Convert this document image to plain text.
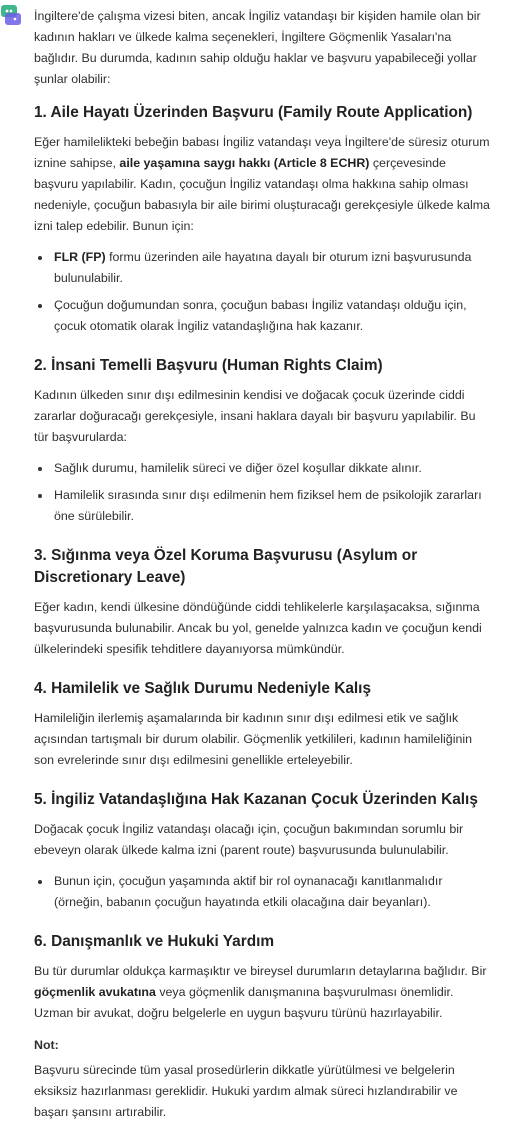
İngiltere'de çalışma vizesi biten, ancak İngiliz vatandaşı bir kişiden hamile olan bir kadının hakları ve ülkede kalma seçenekleri, İngiltere Göçmenlik Yasaları'na bağlıdır. Bu durumda, kadının sahip olduğu haklar ve başvuru yapabileceği yollar şunlar olabilir:

1. Aile Hayatı Üzerinden Başvuru (Family Route Application)

Eğer hamilelikteki bebeğin babası İngiliz vatandaşı veya İngiltere'de süresiz oturum iznine sahipse, aile yaşamına saygı hakkı (Article 8 ECHR) çerçevesinde başvuru yapılabilir. Kadın, çocuğun İngiliz vatandaşı olma hakkına sahip olması nedeniyle, çocuğun babasıyla bir aile birimi oluşturacağı gerekçesiyle ülkede kalma izni talep edebilir. Bunun için:

• FLR (FP) formu üzerinden aile hayatına dayalı bir oturum izni başvurusunda bulunulabilir.
• Çocuğun doğumundan sonra, çocuğun babası İngiliz vatandaşı olduğu için, çocuk otomatik olarak İngiliz vatandaşlığına hak kazanır.
2. İnsani Temelli Başvuru (Human Rights Claim)

Kadının ülkeden sınır dışı edilmesinin kendisi ve doğacak çocuk üzerinde ciddi zararlar doğuracağı gerekçesiyle, insani haklara dayalı bir başvuru yapılabilir. Bu tür başvurularda:

• Sağlık durumu, hamilelik süreci ve diğer özel koşullar dikkate alınır.
• Hamilelik sırasında sınır dışı edilmenin hem fiziksel hem de psikolojik zararları öne sürülebilir.
3. Sığınma veya Özel Koruma Başvurusu (Asylum or Discretionary Leave)

Eğer kadın, kendi ülkesine döndüğünde ciddi tehlikelerle karşılaşacaksa, sığınma başvurusunda bulunabilir. Ancak bu yol, genelde yalnızca kadın ve çocuğun kendi ülkelerindeki spesifik tehditlere dayanıyorsa mümkündür.

4. Hamilelik ve Sağlık Durumu Nedeniyle Kalış

Hamileliğin ilerlemiş aşamalarında bir kadının sınır dışı edilmesi etik ve sağlık açısından tartışmalı bir durum olabilir. Göçmenlik yetkilileri, kadının hamileliğinin son evrelerinde sınır dışı edilmesini genellikle erteleyebilir.

5. İngiliz Vatandaşlığına Hak Kazanan Çocuk Üzerinden Kalış

Doğacak çocuk İngiliz vatandaşı olacağı için, çocuğun bakımından sorumlu bir ebeveyn olarak ülkede kalma izni (parent route) başvurusunda bulunulabilir.

• Bunun için, çocuğun yaşamında aktif bir rol oynanacağı kanıtlanmalıdır (örneğin, babanın çocuğun hayatında etkili olacağına dair beyanları).
6. Danışmanlık ve Hukuki Yardım

Bu tür durumlar oldukça karmaşıktır ve bireysel durumların detaylarına bağlıdır. Bir göçmenlik avukatına veya göçmenlik danışmanına başvurulması önemlidir. Uzman bir avukat, doğru belgelerle en uygun başvuru türünü hazırlayabilir.

Not:

Başvuru sürecinde tüm yasal prosedürlerin dikkatle yürütülmesi ve belgelerin eksiksiz hazırlanması gereklidir. Hukuki yardım almak süreci hızlandırabilir ve başarı şansını artırabilir.
